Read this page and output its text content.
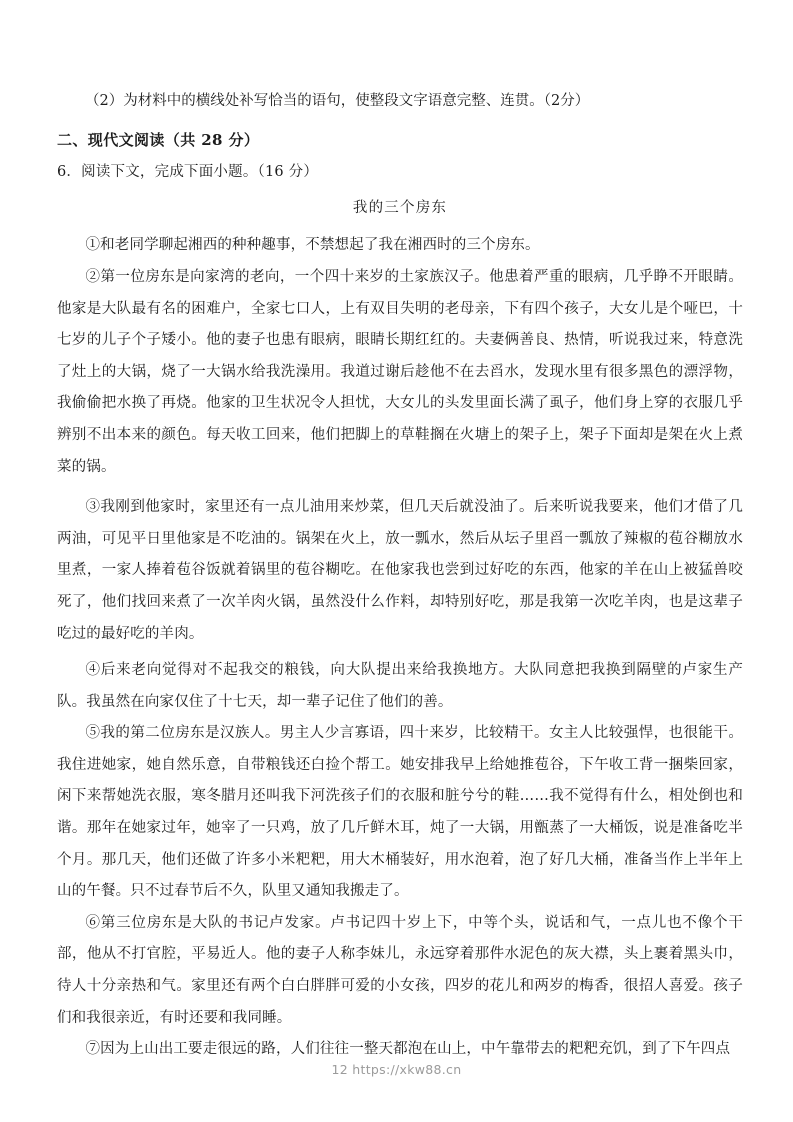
（2）为材料中的横线处补写恰当的语句，使整段文字语意完整、连贯。（2分）

二、现代文阅读（共 28 分）

6．阅读下文，完成下面小题。（16 分）

我的三个房东

①和老同学聊起湘西的种种趣事，不禁想起了我在湘西时的三个房东。

②第一位房东是向家湾的老向，一个四十来岁的土家族汉子。他患着严重的眼病，几乎睁不开眼睛。他家是大队最有名的困难户，全家七口人，上有双目失明的老母亲，下有四个孩子，大女儿是个哑巴，十七岁的儿子个子矮小。他的妻子也患有眼病，眼睛长期红红的。夫妻俩善良、热情，听说我过来，特意洗了灶上的大锅，烧了一大锅水给我洗澡用。我道过谢后趁他不在去舀水，发现水里有很多黑色的漂浮物，我偷偷把水换了再烧。他家的卫生状况令人担忧，大女儿的头发里面长满了虱子，他们身上穿的衣服几乎辨别不出本来的颜色。每天收工回来，他们把脚上的草鞋搁在火塘上的架子上，架子下面却是架在火上煮菜的锅。

③我刚到他家时，家里还有一点儿油用来炒菜，但几天后就没油了。后来听说我要来，他们才借了几两油，可见平日里他家是不吃油的。锅架在火上，放一瓢水，然后从坛子里舀一瓢放了辣椒的苞谷糊放水里煮，一家人捧着苞谷饭就着锅里的苞谷糊吃。在他家我也尝到过好吃的东西，他家的羊在山上被猛兽咬死了，他们找回来煮了一次羊肉火锅，虽然没什么作料，却特别好吃，那是我第一次吃羊肉，也是这辈子吃过的最好吃的羊肉。

④后来老向觉得对不起我交的粮钱，向大队提出来给我换地方。大队同意把我换到隔壁的卢家生产队。我虽然在向家仅住了十七天，却一辈子记住了他们的善。

⑤我的第二位房东是汉族人。男主人少言寡语，四十来岁，比较精干。女主人比较强悍，也很能干。我住进她家，她自然乐意，自带粮钱还白捡个帮工。她安排我早上给她推苞谷，下午收工背一捆柴回家，闲下来帮她洗衣服，寒冬腊月还叫我下河洗孩子们的衣服和脏兮兮的鞋……我不觉得有什么，相处倒也和谐。那年在她家过年，她宰了一只鸡，放了几斤鲜木耳，炖了一大锅，用甑蒸了一大桶饭，说是准备吃半个月。那几天，他们还做了许多小米粑粑，用大木桶装好，用水泡着，泡了好几大桶，准备当作上半年上山的午餐。只不过春节后不久，队里又通知我搬走了。

⑥第三位房东是大队的书记卢发家。卢书记四十岁上下，中等个头，说话和气，一点儿也不像个干部，他从不打官腔，平易近人。他的妻子人称李妹儿，永远穿着那件水泥色的灰大襟，头上裹着黑头巾，待人十分亲热和气。家里还有两个白白胖胖可爱的小女孩，四岁的花儿和两岁的梅香，很招人喜爱。孩子们和我很亲近，有时还要和我同睡。

⑦因为上山出工要走很远的路，人们往往一整天都泡在山上，中午靠带去的粑粑充饥，到了下午四点

12 https://xkw88.cn
